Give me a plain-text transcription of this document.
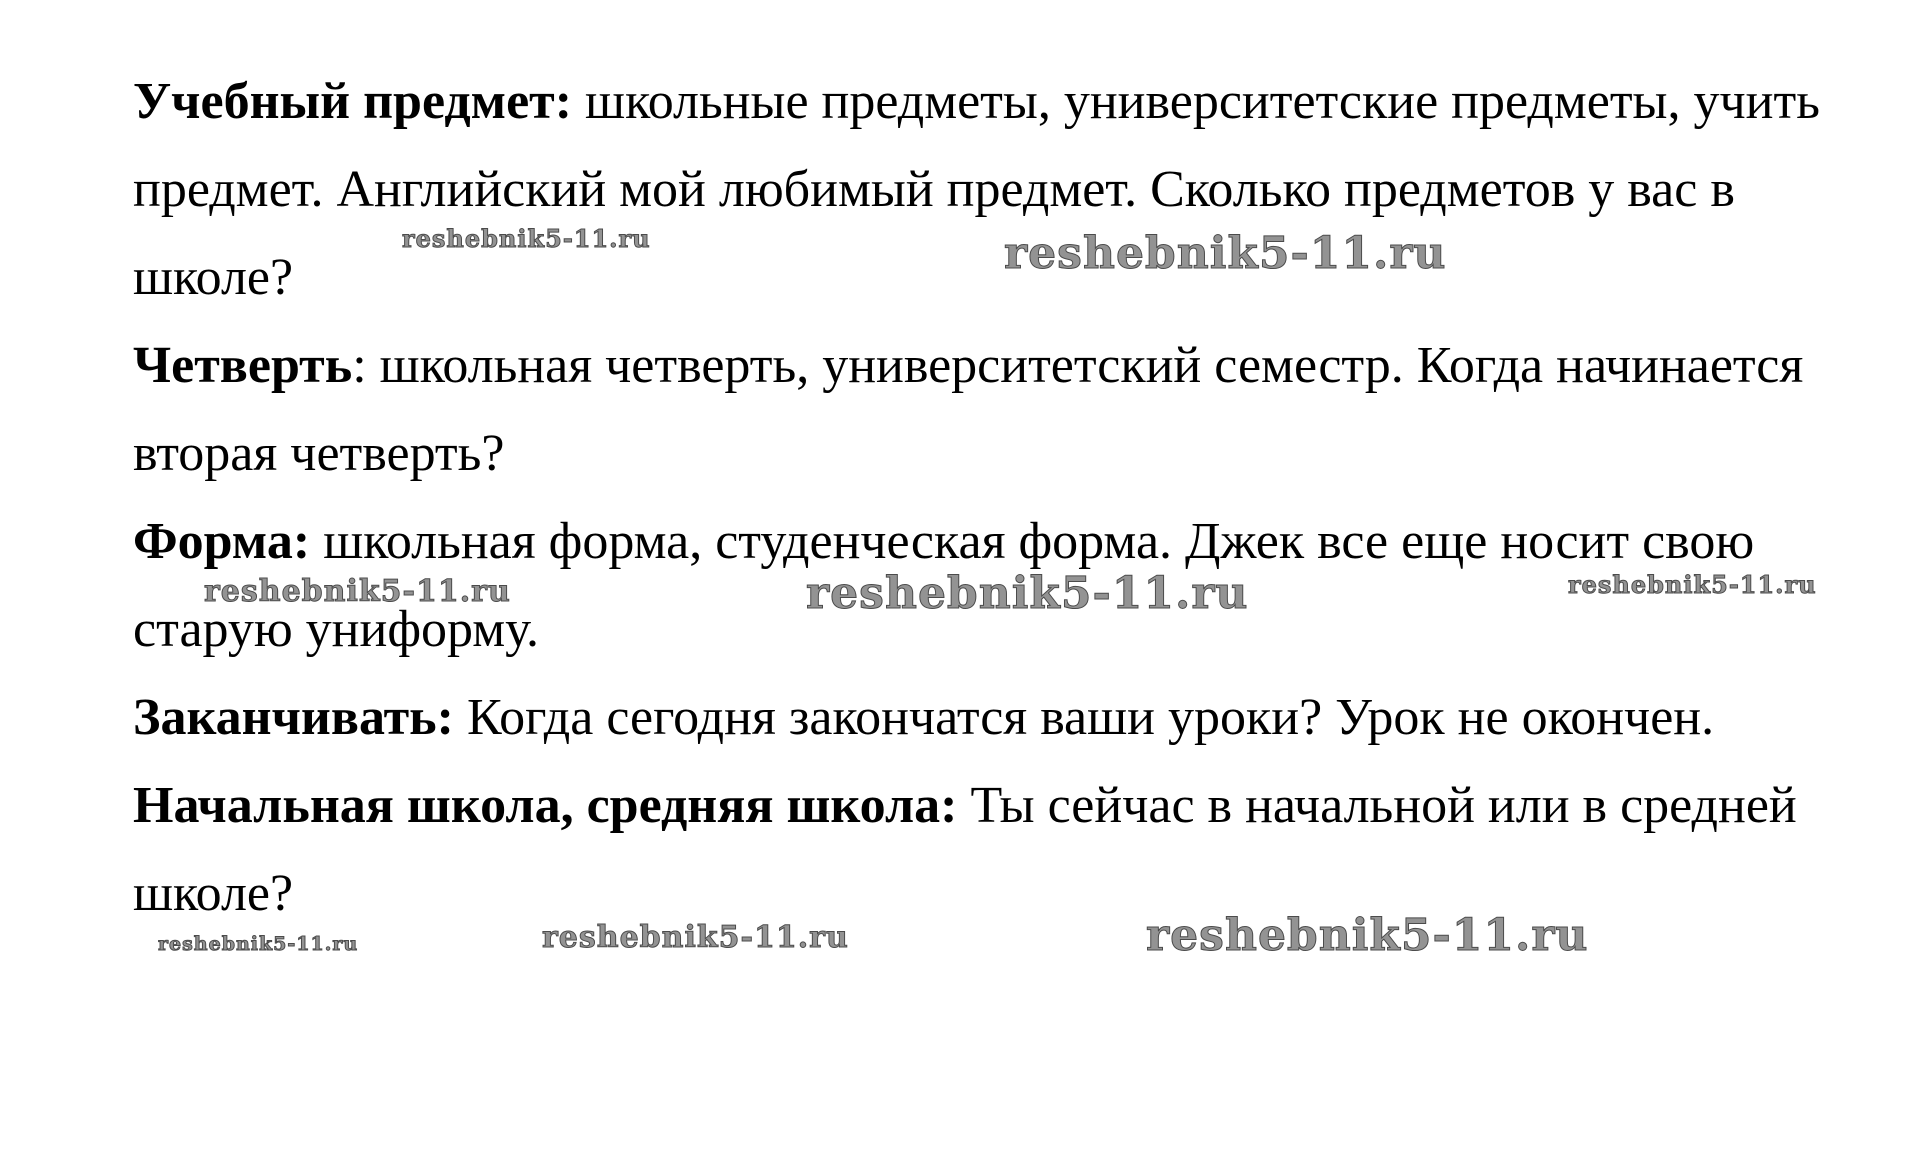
Учебный предмет: школьные предметы, университетские предметы, учить предмет. Английский мой любимый предмет. Сколько предметов у вас в школе?

Четверть: школьная четверть, университетский семестр. Когда начинается вторая четверть?

Форма: школьная форма, студенческая форма. Джек все еще носит свою старую униформу.

Заканчивать: Когда сегодня закончатся ваши уроки? Урок не окончен.

Начальная школа, средняя школа: Ты сейчас в начальной или в средней школе?

reshebnik5-11.ru	reshebnik5-11.ru
reshebnik5-11.ru	reshebnik5-11.ru	reshebnik5-11.ru
reshebnik5-11.ru	reshebnik5-11.ru	reshebnik5-11.ru
